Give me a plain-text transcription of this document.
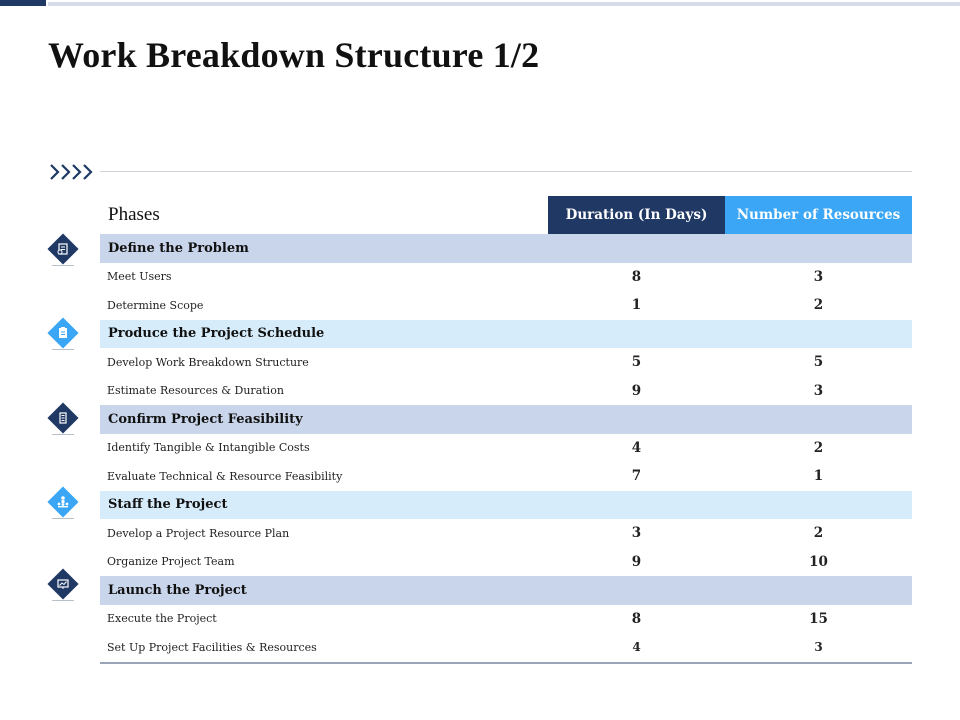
Work Breakdown Structure 1/2
Phases	Duration (In Days)	Number of Resources
Define the Problem
Meet Users	8	3
Determine Scope	1	2
Produce the Project Schedule
Develop Work Breakdown Structure	5	5
Estimate Resources & Duration	9	3
Confirm Project Feasibility
Identify Tangible & Intangible Costs	4	2
Evaluate Technical & Resource Feasibility	7	1
Staff the Project
Develop a Project Resource Plan	3	2
Organize Project Team	9	10
Launch the Project
Execute the Project	8	15
Set Up Project Facilities & Resources	4	3
